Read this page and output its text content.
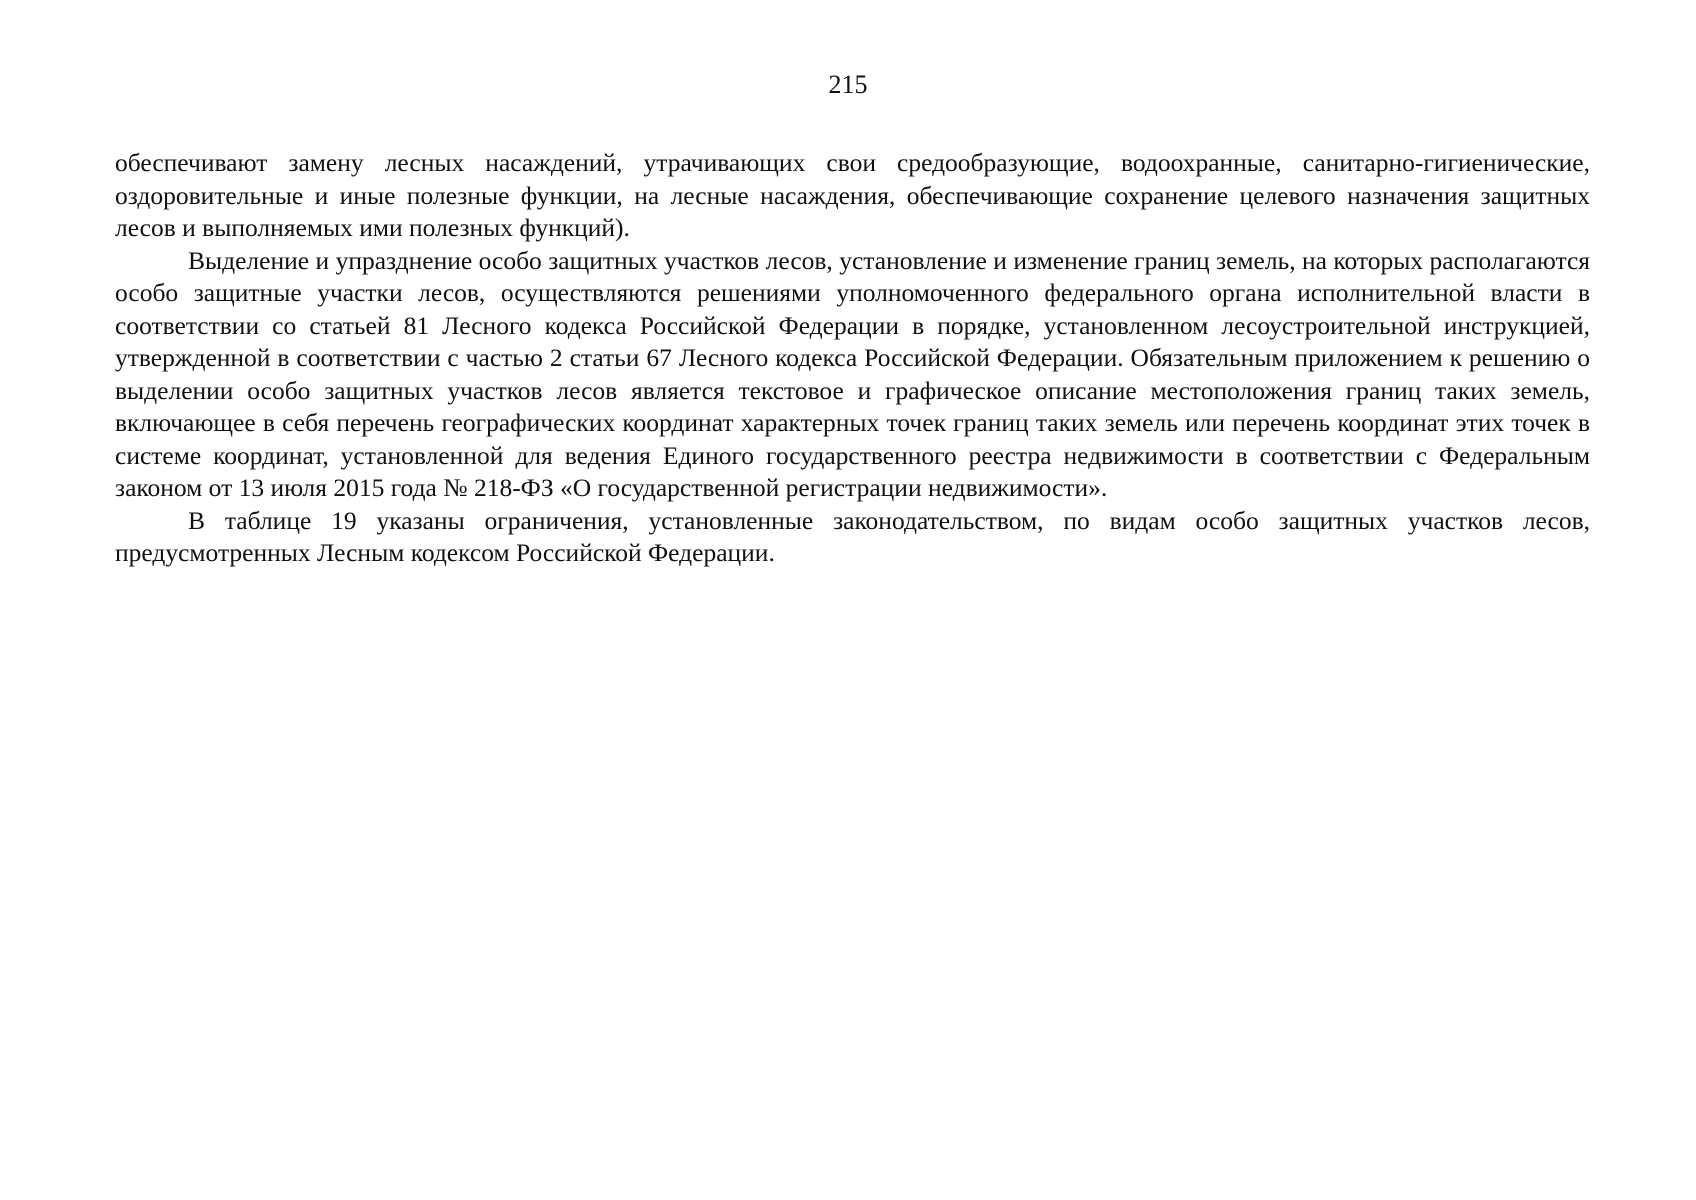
215

обеспечивают замену лесных насаждений, утрачивающих свои средообразующие, водоохранные, санитарно-гигиенические, оздоровительные и иные полезные функции, на лесные насаждения, обеспечивающие сохранение целевого назначения защитных лесов и выполняемых ими полезных функций).

Выделение и упразднение особо защитных участков лесов, установление и изменение границ земель, на которых располагаются особо защитные участки лесов, осуществляются решениями уполномоченного федерального органа исполнительной власти в соответствии со статьей 81 Лесного кодекса Российской Федерации в порядке, установленном лесоустроительной инструкцией, утвержденной в соответствии с частью 2 статьи 67 Лесного кодекса Российской Федерации. Обязательным приложением к решению о выделении особо защитных участков лесов является текстовое и графическое описание местоположения границ таких земель, включающее в себя перечень географических координат характерных точек границ таких земель или перечень координат этих точек в системе координат, установленной для ведения Единого государственного реестра недвижимости в соответствии с Федеральным законом от 13 июля 2015 года № 218-ФЗ «О государственной регистрации недвижимости».

В таблице 19 указаны ограничения, установленные законодательством, по видам особо защитных участков лесов, предусмотренных Лесным кодексом Российской Федерации.
